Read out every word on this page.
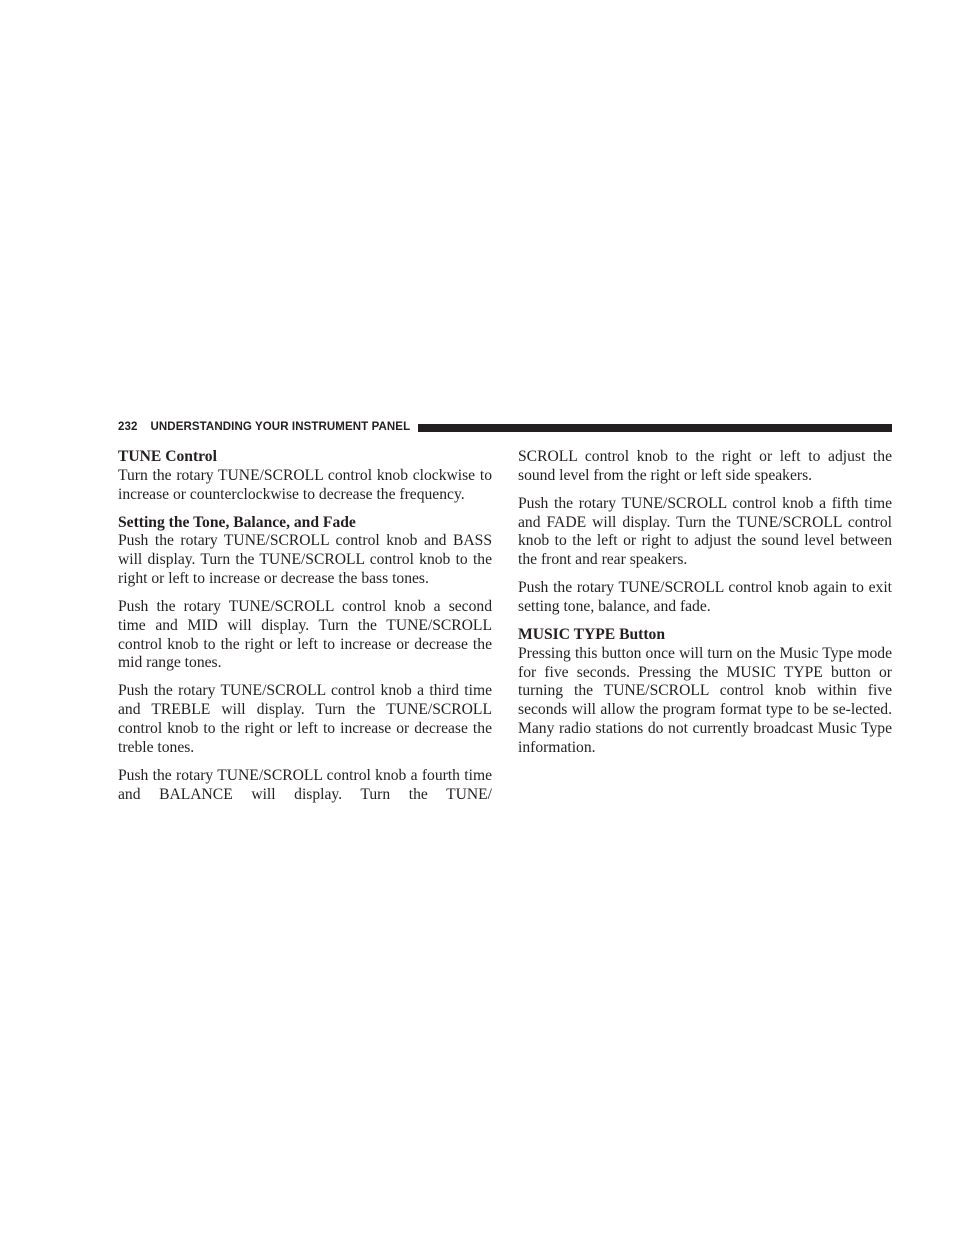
232 UNDERSTANDING YOUR INSTRUMENT PANEL
TUNE Control

Turn the rotary TUNE/SCROLL control knob clockwise to increase or counterclockwise to decrease the frequency.

Setting the Tone, Balance, and Fade

Push the rotary TUNE/SCROLL control knob and BASS will display. Turn the TUNE/SCROLL control knob to the right or left to increase or decrease the bass tones.

Push the rotary TUNE/SCROLL control knob a second time and MID will display. Turn the TUNE/SCROLL control knob to the right or left to increase or decrease the mid range tones.

Push the rotary TUNE/SCROLL control knob a third time and TREBLE will display. Turn the TUNE/SCROLL control knob to the right or left to increase or decrease the treble tones.

Push the rotary TUNE/SCROLL control knob a fourth time and BALANCE will display. Turn the TUNE/

SCROLL control knob to the right or left to adjust the sound level from the right or left side speakers.

Push the rotary TUNE/SCROLL control knob a fifth time and FADE will display. Turn the TUNE/SCROLL control knob to the left or right to adjust the sound level between the front and rear speakers.

Push the rotary TUNE/SCROLL control knob again to exit setting tone, balance, and fade.

MUSIC TYPE Button

Pressing this button once will turn on the Music Type mode for five seconds. Pressing the MUSIC TYPE button or turning the TUNE/SCROLL control knob within five seconds will allow the program format type to be se-lected. Many radio stations do not currently broadcast Music Type information.
